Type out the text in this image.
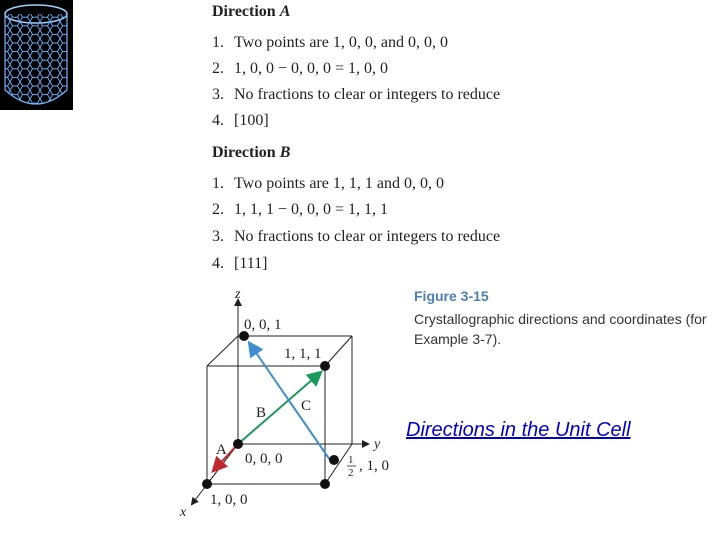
Direction A
1. Two points are 1, 0, 0, and 0, 0, 0
2. 1, 0, 0 − 0, 0, 0 = 1, 0, 0
3. No fractions to clear or integers to reduce
4. [100]
Direction B
1. Two points are 1, 1, 1 and 0, 0, 0
2. 1, 1, 1 − 0, 0, 0 = 1, 1, 1
3. No fractions to clear or integers to reduce
4. [111]
z
y
x
0, 0, 1
1, 1, 1
0, 0, 0
1, 0, 0
1
2 , 1, 0
A
B C
Figure 3-15
Crystallographic directions and coordinates (for Example 3-7).
Directions in the Unit Cell
